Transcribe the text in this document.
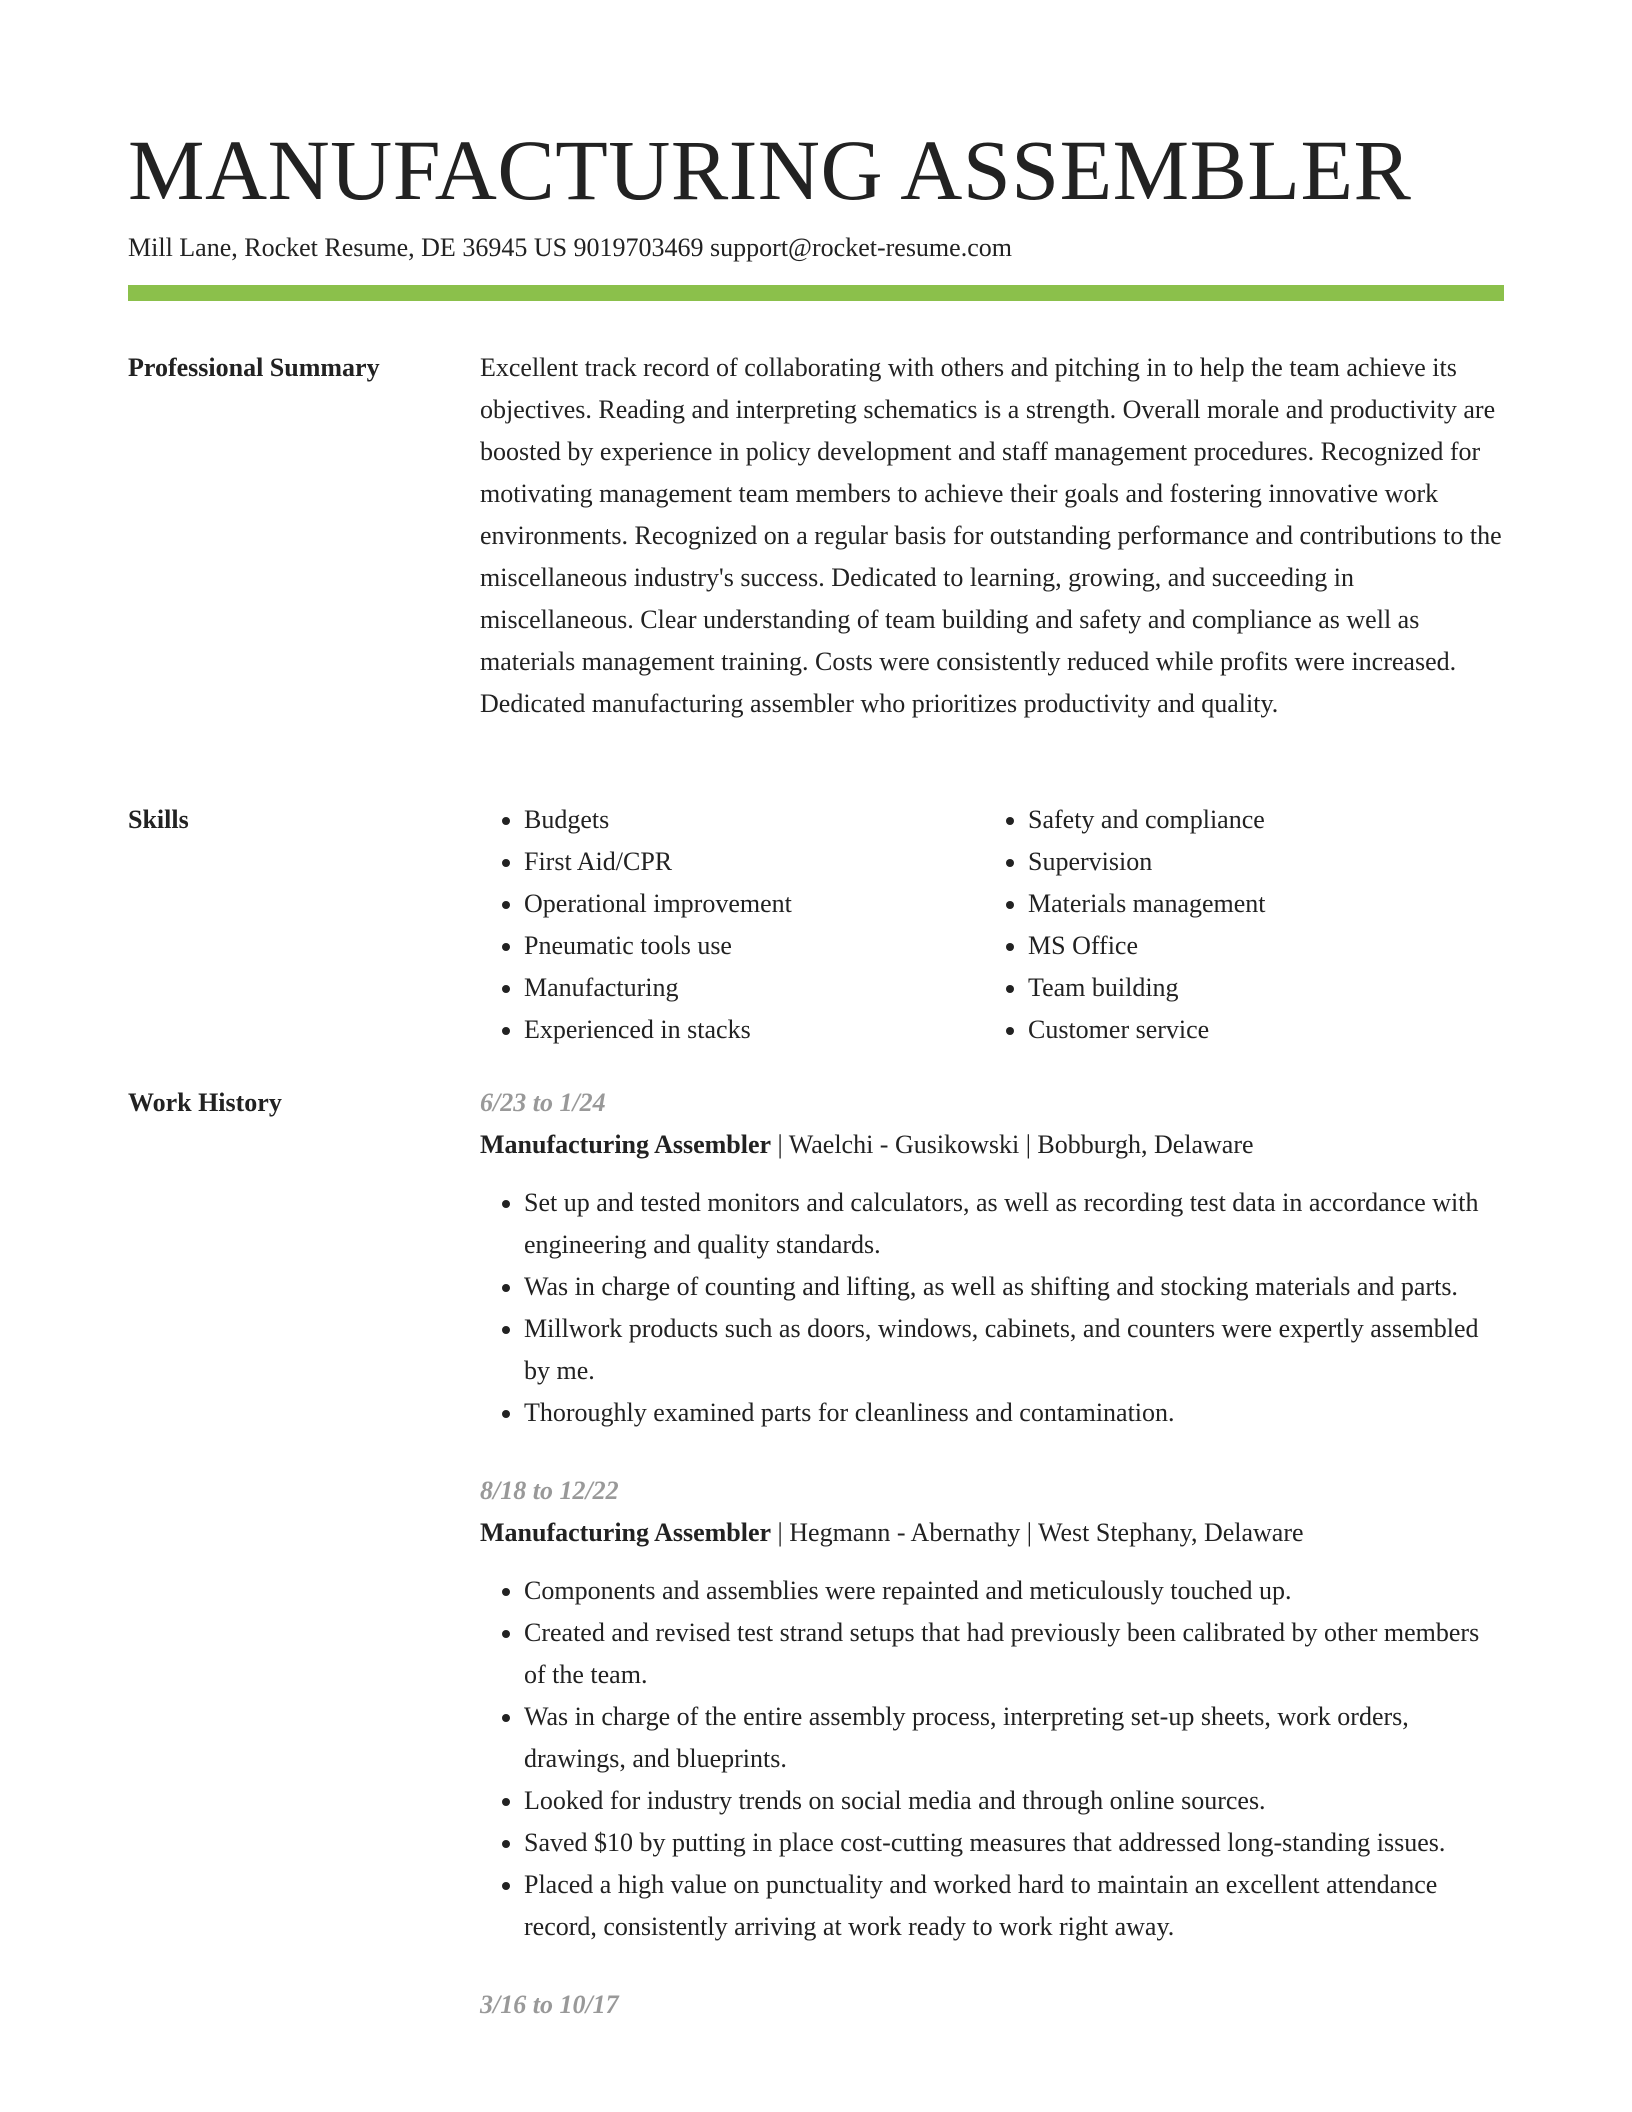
MANUFACTURING ASSEMBLER
Mill Lane, Rocket Resume, DE 36945 US 9019703469 support@rocket-resume.com
Professional Summary	Excellent track record of collaborating with others and pitching in to help the team achieve its objectives. Reading and interpreting schematics is a strength. Overall morale and productivity are boosted by experience in policy development and staff management procedures. Recognized for motivating management team members to achieve their goals and fostering innovative work environments. Recognized on a regular basis for outstanding performance and contributions to the miscellaneous industry's success. Dedicated to learning, growing, and succeeding in miscellaneous. Clear understanding of team building and safety and compliance as well as materials management training. Costs were consistently reduced while profits were increased. Dedicated manufacturing assembler who prioritizes productivity and quality.

Skills
•	Budgets
• First Aid/CPR
• Operational improvement
• Pneumatic tools use
• Manufacturing
• Experienced in stacks
• Safety and compliance
• Supervision
• Materials management
• MS Office
• Team building
• Customer service
Work History	6/23 to 1/24
Manufacturing Assembler | Waelchi - Gusikowski | Bobburgh, Delaware
• Set up and tested monitors and calculators, as well as recording test data in accordance with engineering and quality standards.
• Was in charge of counting and lifting, as well as shifting and stocking materials and parts.
• Millwork products such as doors, windows, cabinets, and counters were expertly assembled by me.
• Thoroughly examined parts for cleanliness and contamination.
8/18 to 12/22
Manufacturing Assembler | Hegmann - Abernathy | West Stephany, Delaware
• Components and assemblies were repainted and meticulously touched up.
• Created and revised test strand setups that had previously been calibrated by other members of the team.
• Was in charge of the entire assembly process, interpreting set-up sheets, work orders, drawings, and blueprints.
• Looked for industry trends on social media and through online sources.
• Saved $10 by putting in place cost-cutting measures that addressed long-standing issues.
• Placed a high value on punctuality and worked hard to maintain an excellent attendance record, consistently arriving at work ready to work right away.
3/16 to 10/17
